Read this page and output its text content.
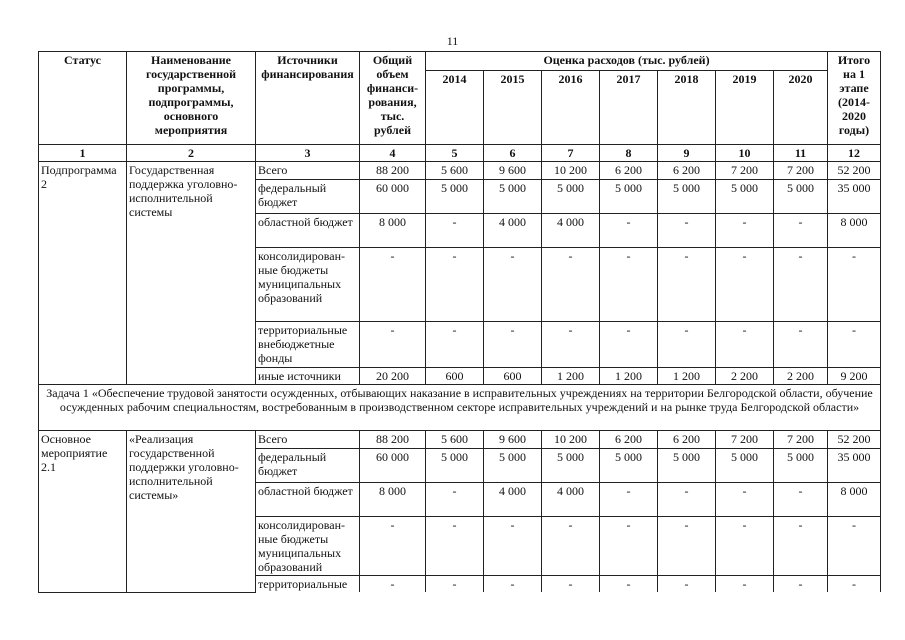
11
Статус	Наименование государственной программы, подпрограммы, основного мероприятия	Источники финансирования	Общий объем финанси-рования, тыс. рублей	Оценка расходов (тыс. рублей)							Итого на 1 этапе (2014-2020 годы)
				2014	2015	2016	2017	2018	2019	2020	
1	2	3	4	5	6	7	8	9	10	11	12
Подпрограмма 2	Государственная поддержка уголовно-исполнительной системы	Всего	88 200	5 600	9 600	10 200	6 200	6 200	7 200	7 200	52 200
		федеральный бюджет	60 000	5 000	5 000	5 000	5 000	5 000	5 000	5 000	35 000
		областной бюджет	8 000	-	4 000	4 000	-	-	-	-	8 000
		консолидирован-ные бюджеты муниципальных образований	-	-	-	-	-	-	-	-	-
		территориальные внебюджетные фонды	-	-	-	-	-	-	-	-	-
		иные источники	20 200	600	600	1 200	1 200	1 200	2 200	2 200	9 200
Задача 1 «Обеспечение трудовой занятости осужденных, отбывающих наказание в исправительных учреждениях на территории Белгородской области, обучение осужденных рабочим специальностям, востребованным в производственном секторе исправительных учреждений и на рынке труда Белгородской области»											
Основное мероприятие 2.1	«Реализация государственной поддержки уголовно-исполнительной системы»	Всего	88 200	5 600	9 600	10 200	6 200	6 200	7 200	7 200	52 200
		федеральный бюджет	60 000	5 000	5 000	5 000	5 000	5 000	5 000	5 000	35 000
		областной бюджет	8 000	-	4 000	4 000	-	-	-	-	8 000
		консолидирован-ные бюджеты муниципальных образований	-	-	-	-	-	-	-	-	-
		территориальные	-	-	-	-	-	-	-	-	-
